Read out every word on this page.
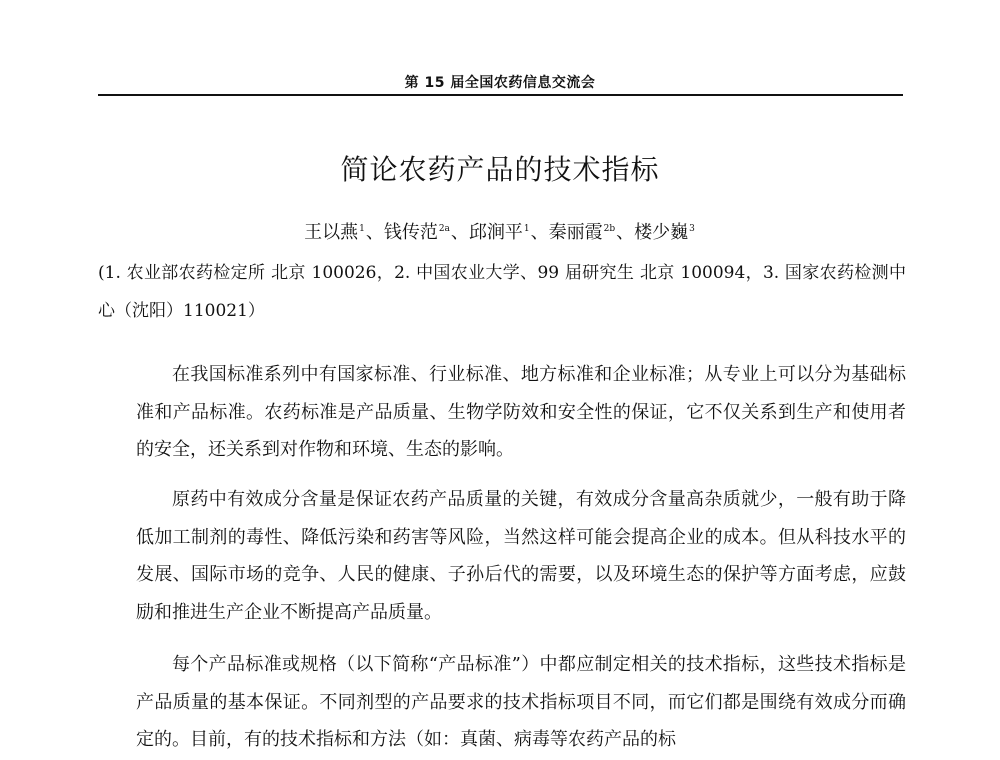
第 15 届全国农药信息交流会
简论农药产品的技术指标
王以燕$^1$、钱传范$^{2a}$、邱涧平$^1$、秦丽霞$^{2b}$、楼少巍$^3$
(1. 农业部农药检定所 北京 100026，2. 中国农业大学、99 届研究生 北京 100094，3. 国家农药检测中心（沈阳）110021）

在我国标准系列中有国家标准、行业标准、地方标准和企业标准；从专业上可以分为基础标准和产品标准。农药标准是产品质量、生物学防效和安全性的保证，它不仅关系到生产和使用者的安全，还关系到对作物和环境、生态的影响。

原药中有效成分含量是保证农药产品质量的关键，有效成分含量高杂质就少，一般有助于降低加工制剂的毒性、降低污染和药害等风险，当然这样可能会提高企业的成本。但从科技水平的发展、国际市场的竞争、人民的健康、子孙后代的需要，以及环境生态的保护等方面考虑，应鼓励和推进生产企业不断提高产品质量。

每个产品标准或规格（以下简称“产品标准”）中都应制定相关的技术指标，这些技术指标是产品质量的基本保证。不同剂型的产品要求的技术指标项目不同，而它们都是围绕有效成分而确定的。目前，有的技术指标和方法（如：真菌、病毒等农药产品的标
